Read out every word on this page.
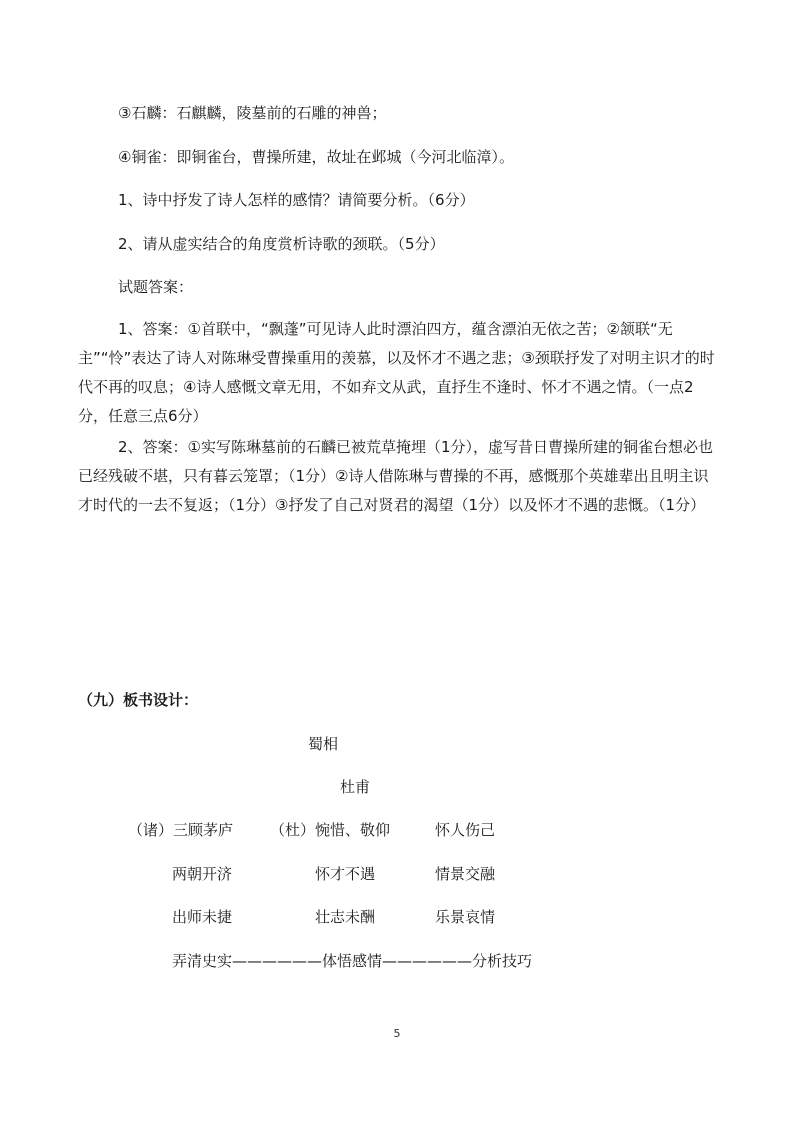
③石麟：石麒麟，陵墓前的石雕的神兽；
④铜雀：即铜雀台，曹操所建，故址在邺城（今河北临漳）。
1、诗中抒发了诗人怎样的感情？请简要分析。（6分）
2、请从虚实结合的角度赏析诗歌的颈联。（5分）
试题答案：
1、答案：①首联中，“飘蓬”可见诗人此时漂泊四方，蕴含漂泊无依之苦；②颔联“无主”“怜”表达了诗人对陈琳受曹操重用的羡慕，以及怀才不遇之悲；③颈联抒发了对明主识才的时代不再的叹息；④诗人感慨文章无用，不如弃文从武，直抒生不逢时、怀才不遇之情。（一点2分，任意三点6分）
2、答案：①实写陈琳墓前的石麟已被荒草掩埋（1分），虚写昔日曹操所建的铜雀台想必也已经残破不堪，只有暮云笼罩；（1分）②诗人借陈琳与曹操的不再，感慨那个英雄辈出且明主识才时代的一去不复返；（1分）③抒发了自己对贤君的渴望（1分）以及怀才不遇的悲慨。（1分）
（九）板书设计：
蜀相
杜甫
（诸）三顾茅庐 （杜）惋惜、敬仰	怀人伤己
两朝开济	怀才不遇	情景交融
出师未捷	壮志未酬	乐景哀情
弄清史实——————体悟感情——————分析技巧
5
